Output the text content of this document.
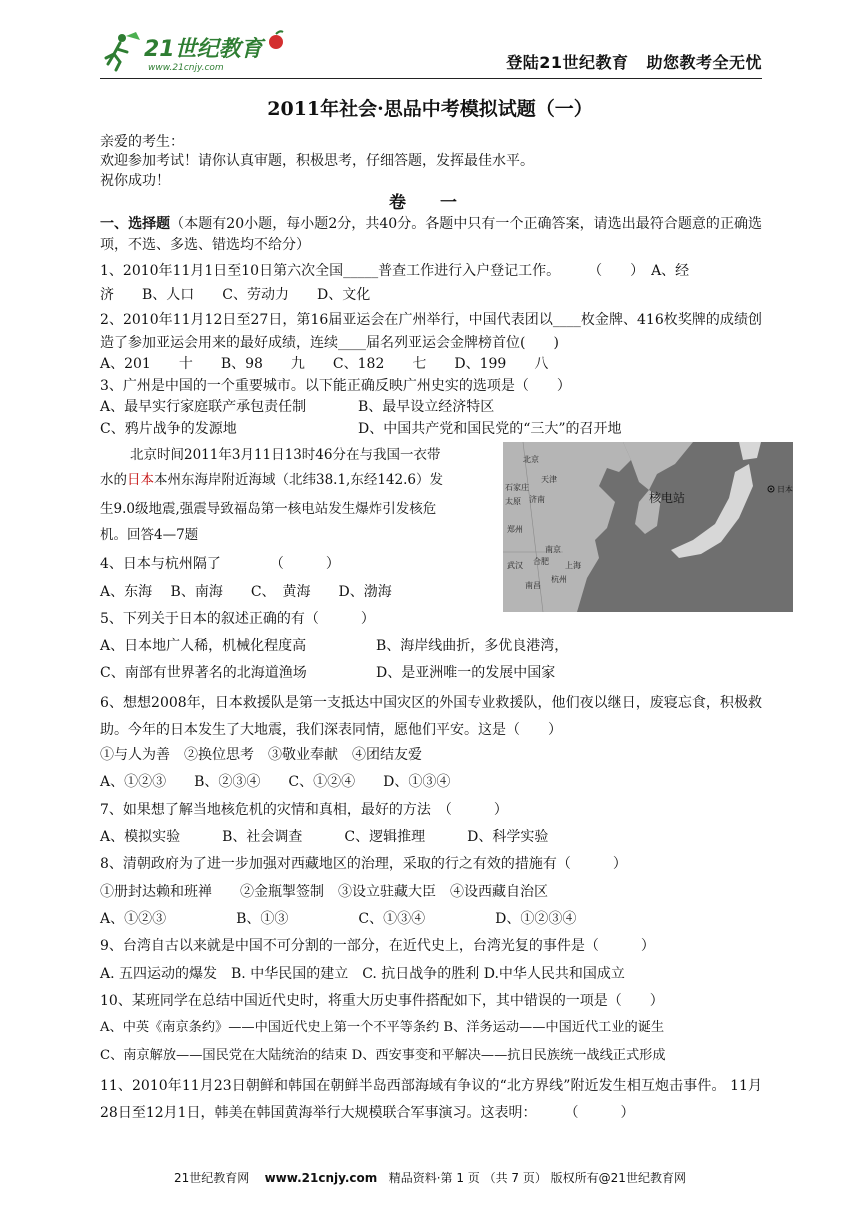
21世纪教育
www.21cnjy.com	登陆21世纪教育 助您教考全无忧
2011年社会·思品中考模拟试题（一）
亲爱的考生：
欢迎参加考试！请你认真审题，积极思考，仔细答题，发挥最佳水平。
祝你成功！
卷 一
一、选择题（本题有20小题，每小题2分，共40分。各题中只有一个正确答案，请选出最符合题意的正确选项，不选、多选、错选均不给分）
1、2010年11月1日至10日第六次全国_____普查工作进行入户登记工作。　　　（　　）　A、经
济　　B、人口　　C、劳动力　　D、文化
2、2010年11月12日至27日，第16届亚运会在广州举行，中国代表团以____枚金牌、416枚奖牌的成绩创造了参加亚运会用来的最好成绩，连续____届名列亚运会金牌榜首位(　　)
A、201　　十　　B、98　　九　　C、182　　七　　D、199　　八
3、广州是中国的一个重要城市。以下能正确反映广州史实的选项是（　　）
A、最早实行家庭联产承包责任制	B、最早设立经济特区
C、鸦片战争的发源地	D、中国共产党和国民党的“三大”的召开地
北京时间2011年3月11日13时46分在与我国一衣带
水的日本本州东海岸附近海域（北纬38.1,东经142.6）发
生9.0级地震,强震导致福岛第一核电站发生爆炸引发核危
机。回答4—7题
北京
天津
石家庄
太原 济南
郑州
南京
合肥 上海
武汉
杭州
南昌
核电站
日本
4、日本与杭州隔了　　　　（　　　）
A、东海　 B、南海　　C、　黄海　　D、渤海
5、下列关于日本的叙述正确的有（　　　）
A、日本地广人稀，机械化程度高	B、海岸线曲折，多优良港湾，
C、南部有世界著名的北海道渔场	D、是亚洲唯一的发展中国家
6、想想2008年，日本救援队是第一支抵达中国灾区的外国专业救援队，他们夜以继日，废寝忘食，积极救助。今年的日本发生了大地震，我们深表同情，愿他们平安。这是（　　）
①与人为善　②换位思考　③敬业奉献　④团结友爱
A、①②③　　B、②③④　　C、①②④　　D、①③④
7、如果想了解当地核危机的灾情和真相，最好的方法　（　　　）
A、模拟实验　　　B、社会调查　　　C、逻辑推理　　　D、科学实验
8、清朝政府为了进一步加强对西藏地区的治理，采取的行之有效的措施有（　　　）
①册封达赖和班禅　　②金瓶掣签制　③设立驻藏大臣　④设西藏自治区
A、①②③　　　　　B、①③　　　　　C、①③④　　　　　D、①②③④
9、台湾自古以来就是中国不可分割的一部分，在近代史上，台湾光复的事件是（　　　）
A. 五四运动的爆发　B. 中华民国的建立　C. 抗日战争的胜利 D.中华人民共和国成立
10、某班同学在总结中国近代史时，将重大历史事件搭配如下，其中错误的一项是（　　）
A、中英《南京条约》——中国近代史上第一个不平等条约 B、洋务运动——中国近代工业的诞生
C、南京解放——国民党在大陆统治的结束 D、西安事变和平解决——抗日民族统一战线正式形成
11、2010年11月23日朝鲜和韩国在朝鲜半岛西部海域有争议的“北方界线”附近发生相互炮击事件。 11月28日至12月1日，韩美在韩国黄海举行大规模联合军事演习。这表明：　　　（　　　）
21世纪教育网 www.21cnjy.com 精品资料·第 1 页 （共 7 页） 版权所有@21世纪教育网
